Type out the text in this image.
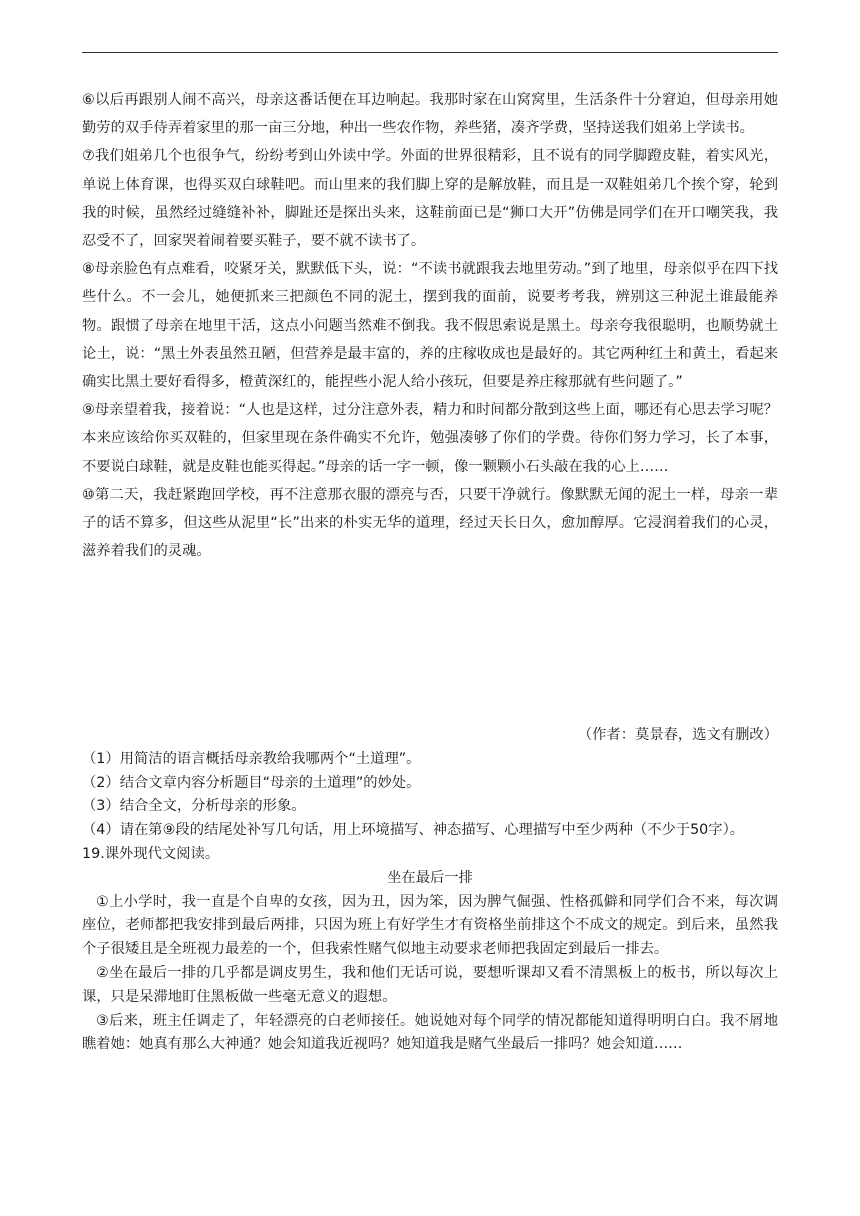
⑥以后再跟别人闹不高兴，母亲这番话便在耳边响起。我那时家在山窝窝里，生活条件十分窘迫，但母亲用她勤劳的双手侍弄着家里的那一亩三分地，种出一些农作物，养些猪，凑齐学费，坚持送我们姐弟上学读书。

⑦我们姐弟几个也很争气，纷纷考到山外读中学。外面的世界很精彩，且不说有的同学脚蹬皮鞋，着实风光，单说上体育课，也得买双白球鞋吧。而山里来的我们脚上穿的是解放鞋，而且是一双鞋姐弟几个挨个穿，轮到我的时候，虽然经过缝缝补补，脚趾还是探出头来，这鞋前面已是“狮口大开”仿佛是同学们在开口嘲笑我，我忍受不了，回家哭着闹着要买鞋子，要不就不读书了。

⑧母亲脸色有点难看，咬紧牙关，默默低下头，说：“不读书就跟我去地里劳动。”到了地里，母亲似乎在四下找些什么。不一会儿，她便抓来三把颜色不同的泥土，摆到我的面前，说要考考我，辨别这三种泥土谁最能养物。跟惯了母亲在地里干活，这点小问题当然难不倒我。我不假思索说是黑土。母亲夸我很聪明，也顺势就土论土，说：“黑土外表虽然丑陋，但营养是最丰富的，养的庄稼收成也是最好的。其它两种红土和黄土，看起来确实比黑土要好看得多，橙黄深红的，能捏些小泥人给小孩玩，但要是养庄稼那就有些问题了。”

⑨母亲望着我，接着说：“人也是这样，过分注意外表，精力和时间都分散到这些上面，哪还有心思去学习呢？本来应该给你买双鞋的，但家里现在条件确实不允许，勉强凑够了你们的学费。待你们努力学习，长了本事，不要说白球鞋，就是皮鞋也能买得起。”母亲的话一字一顿，像一颗颗小石头敲在我的心上……

⑩第二天，我赶紧跑回学校，再不注意那衣服的漂亮与否，只要干净就行。像默默无闻的泥土一样，母亲一辈子的话不算多，但这些从泥里“长”出来的朴实无华的道理，经过天长日久，愈加醇厚。它浸润着我们的心灵，滋养着我们的灵魂。

（作者：莫景春，选文有删改）

（1）用简洁的语言概括母亲教给我哪两个“土道理”。

（2）结合文章内容分析题目“母亲的土道理”的妙处。

（3）结合全文，分析母亲的形象。

（4）请在第⑨段的结尾处补写几句话，用上环境描写、神态描写、心理描写中至少两种（不少于50字）。

19.课外现代文阅读。

坐在最后一排

①上小学时，我一直是个自卑的女孩，因为丑，因为笨，因为脾气倔强、性格孤僻和同学们合不来，每次调座位，老师都把我安排到最后两排，只因为班上有好学生才有资格坐前排这个不成文的规定。到后来，虽然我个子很矮且是全班视力最差的一个，但我索性赌气似地主动要求老师把我固定到最后一排去。

②坐在最后一排的几乎都是调皮男生，我和他们无话可说，要想听课却又看不清黑板上的板书，所以每次上课，只是呆滞地盯住黑板做一些毫无意义的遐想。

③后来，班主任调走了，年轻漂亮的白老师接任。她说她对每个同学的情况都能知道得明明白白。我不屑地瞧着她：她真有那么大神通？她会知道我近视吗？她知道我是赌气坐最后一排吗？她会知道……
